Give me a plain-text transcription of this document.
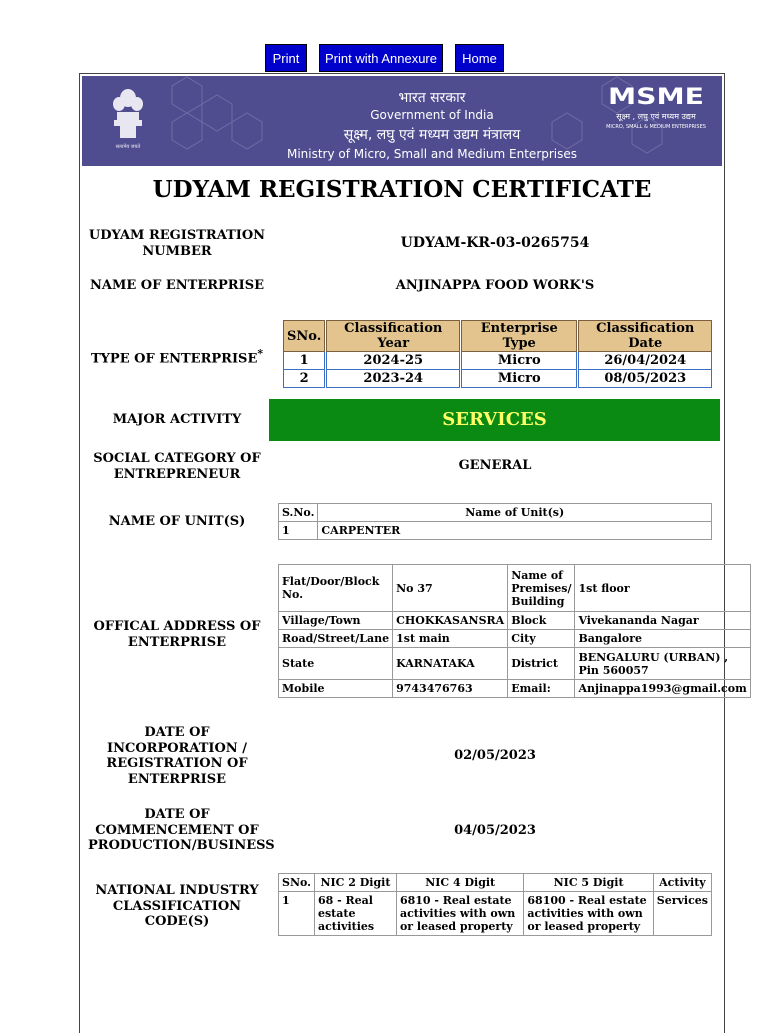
Print	Print with Annexure	Home
सत्यमेव जयते
भारत सरकार
Government of India
सूक्ष्म, लघु एवं मध्यम उद्यम मंत्रालय
Ministry of Micro, Small and Medium Enterprises
MSME
सूक्ष्म , लघु एवं मध्यम उद्यम
MICRO, SMALL & MEDIUM ENTERPRISES
UDYAM REGISTRATION CERTIFICATE
UDYAM REGISTRATION NUMBER	UDYAM-KR-03-0265754
NAME OF ENTERPRISE	ANJINAPPA FOOD WORK'S
TYPE OF ENTERPRISE*
SNo.		Classification Year		Enterprise Type		Classification Date
1		2024-25		Micro		26/04/2024
2		2023-24		Micro		08/05/2023
MAJOR ACTIVITY	SERVICES
SOCIAL CATEGORY OF ENTREPRENEUR
GENERAL
NAME OF UNIT(S)
S.No.	Name of Unit(s)
1	CARPENTER
OFFICAL ADDRESS OF ENTERPRISE
Flat/Door/Block No.	No 37	Name of Premises/ Building	1st floor
Village/Town	CHOKKASANSRA	Block	Vivekananda Nagar
Road/Street/Lane	1st main	City	Bangalore
State	KARNATAKA	District	BENGALURU (URBAN) , Pin 560057
Mobile	9743476763	Email:	Anjinappa1993@gmail.com
DATE OF INCORPORATION / REGISTRATION OF ENTERPRISE
02/05/2023
DATE OF COMMENCEMENT OF PRODUCTION/BUSINESS
04/05/2023
NATIONAL INDUSTRY CLASSIFICATION CODE(S)
SNo.	NIC 2 Digit	NIC 4 Digit	NIC 5 Digit	Activity
1	68 - Real estate activities	6810 - Real estate activities with own or leased property	68100 - Real estate activities with own or leased property	Services
